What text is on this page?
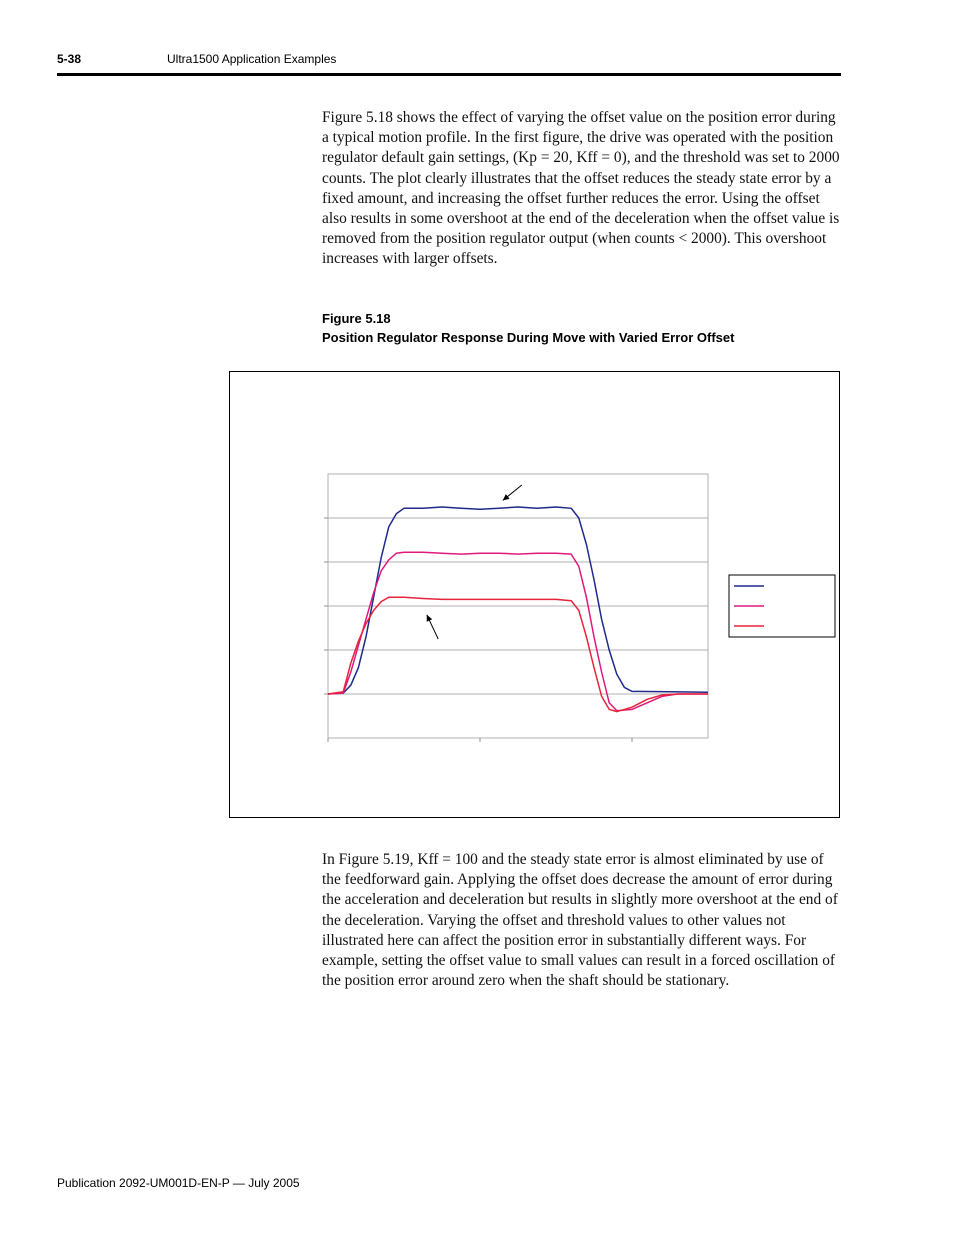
5-38	Ultra1500 Application Examples

Figure 5.18 shows the effect of varying the offset value on the position error during a typical motion profile. In the first figure, the drive was operated with the position regulator default gain settings, (Kp = 20, Kff = 0), and the threshold was set to 2000 counts. The plot clearly illustrates that the offset reduces the steady state error by a fixed amount, and increasing the offset further reduces the error. Using the offset also results in some overshoot at the end of the deceleration when the offset value is removed from the position regulator output (when counts < 2000). This overshoot increases with larger offsets.

Figure 5.18
Position Regulator Response During Move with Varied Error Offset

In Figure 5.19, Kff = 100 and the steady state error is almost eliminated by use of the feedforward gain. Applying the offset does decrease the amount of error during the acceleration and deceleration but results in slightly more overshoot at the end of the deceleration. Varying the offset and threshold values to other values not illustrated here can affect the position error in substantially different ways. For example, setting the offset value to small values can result in a forced oscillation of the position error around zero when the shaft should be stationary.

Publication 2092-UM001D-EN-P — July 2005
